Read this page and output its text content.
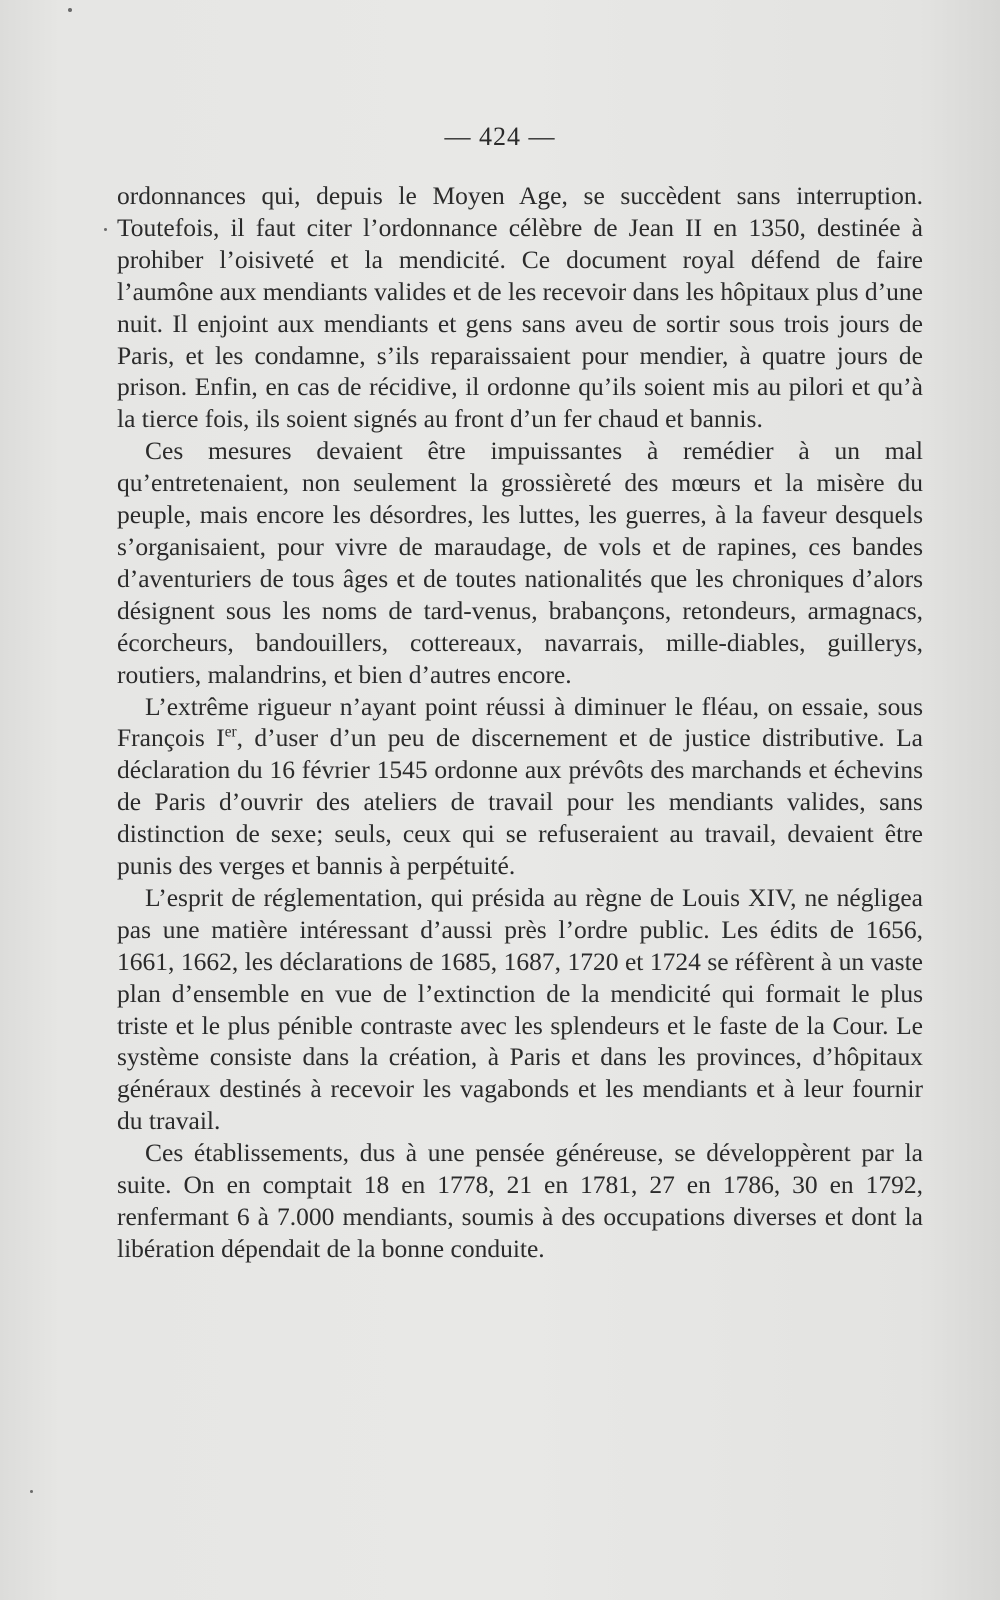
— 424 —

ordonnances qui, depuis le Moyen Age, se succèdent sans interruption. Toutefois, il faut citer l’ordonnance célèbre de Jean II en 1350, destinée à prohiber l’oisiveté et la mendicité. Ce document royal défend de faire l’aumône aux mendiants valides et de les recevoir dans les hôpitaux plus d’une nuit. Il enjoint aux mendiants et gens sans aveu de sortir sous trois jours de Paris, et les condamne, s’ils reparaissaient pour mendier, à quatre jours de prison. Enfin, en cas de récidive, il ordonne qu’ils soient mis au pilori et qu’à la tierce fois, ils soient signés au front d’un fer chaud et bannis.

Ces mesures devaient être impuissantes à remédier à un mal qu’entretenaient, non seulement la grossièreté des mœurs et la misère du peuple, mais encore les désordres, les luttes, les guerres, à la faveur desquels s’organisaient, pour vivre de maraudage, de vols et de rapines, ces bandes d’aventuriers de tous âges et de toutes nationalités que les chroniques d’alors désignent sous les noms de tard-venus, brabançons, retondeurs, armagnacs, écorcheurs, bandouillers, cottereaux, navarrais, mille-diables, guillerys, routiers, malandrins, et bien d’autres encore.

L’extrême rigueur n’ayant point réussi à diminuer le fléau, on essaie, sous François Ier, d’user d’un peu de discernement et de justice distributive. La déclaration du 16 février 1545 ordonne aux prévôts des marchands et échevins de Paris d’ouvrir des ateliers de travail pour les mendiants valides, sans distinction de sexe; seuls, ceux qui se refuseraient au travail, devaient être punis des verges et bannis à perpétuité.

L’esprit de réglementation, qui présida au règne de Louis XIV, ne négligea pas une matière intéressant d’aussi près l’ordre public. Les édits de 1656, 1661, 1662, les déclarations de 1685, 1687, 1720 et 1724 se réfèrent à un vaste plan d’ensemble en vue de l’extinction de la mendicité qui formait le plus triste et le plus pénible contraste avec les splendeurs et le faste de la Cour. Le système consiste dans la création, à Paris et dans les provinces, d’hôpitaux généraux destinés à recevoir les vagabonds et les mendiants et à leur fournir du travail.

Ces établissements, dus à une pensée généreuse, se développèrent par la suite. On en comptait 18 en 1778, 21 en 1781, 27 en 1786, 30 en 1792, renfermant 6 à 7.000 mendiants, soumis à des occupations diverses et dont la libération dépendait de la bonne conduite.
